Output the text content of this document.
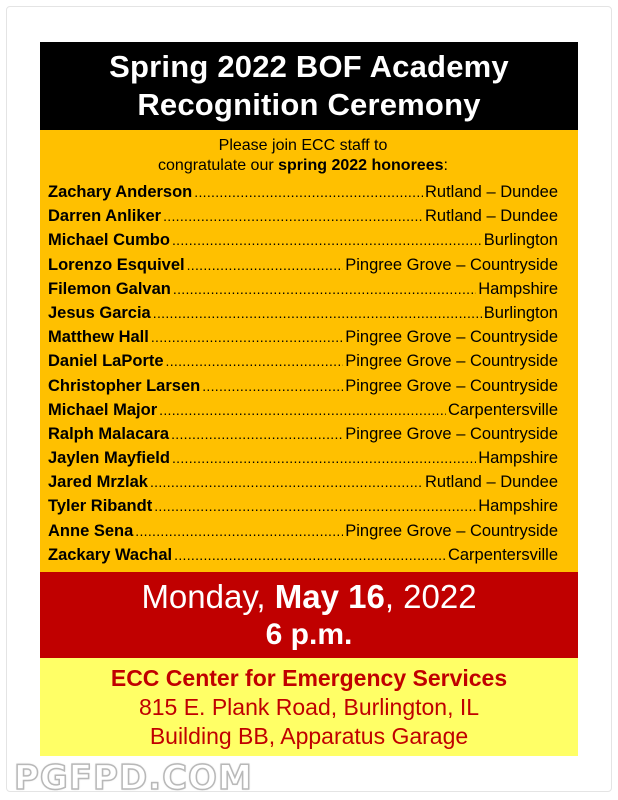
Spring 2022 BOF Academy
Recognition Ceremony
Please join ECC staff to
congratulate our spring 2022 honorees:
Zachary Anderson .....	Rutland – Dundee
Darren Anliker .....	Rutland – Dundee
Michael Cumbo .....	Burlington
Lorenzo Esquivel .....	Pingree Grove – Countryside
Filemon Galvan .....	Hampshire
Jesus Garcia .....	Burlington
Matthew Hall .....	Pingree Grove – Countryside
Daniel LaPorte .....	Pingree Grove – Countryside
Christopher Larsen .....	Pingree Grove – Countryside
Michael Major .....	Carpentersville
Ralph Malacara .....	Pingree Grove – Countryside
Jaylen Mayfield .....	Hampshire
Jared Mrzlak .....	Rutland – Dundee
Tyler Ribandt .....	Hampshire
Anne Sena .....	Pingree Grove – Countryside
Zackary Wachal .....	Carpentersville
Monday, May 16, 2022
6 p.m.
ECC Center for Emergency Services
815 E. Plank Road, Burlington, IL
Building BB, Apparatus Garage
PGFPD.COM
